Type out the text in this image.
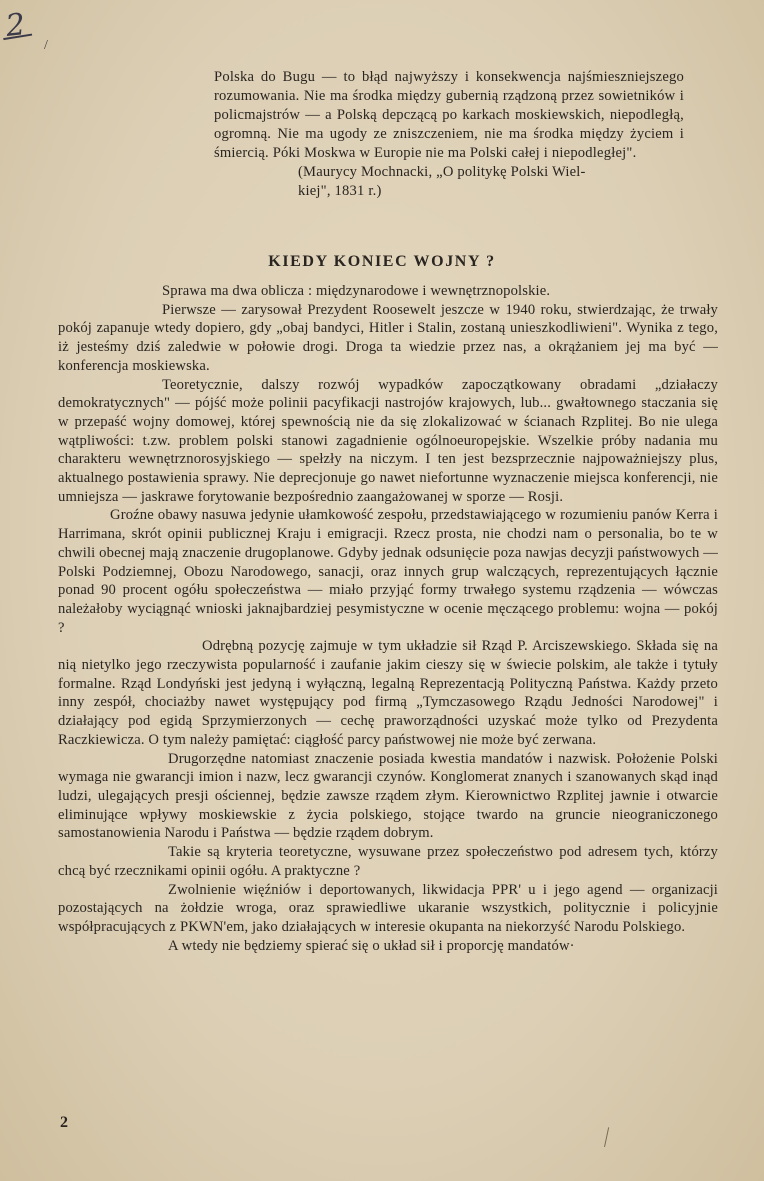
2
/
Polska do Bugu — to błąd najwyższy i konsekwencja najśmieszniejszego rozumowania. Nie ma środka między gubernią rządzoną przez sowietników i policmajstrów — a Polską depczącą po karkach moskiewskich, niepodległą, ogromną. Nie ma ugody ze zniszczeniem, nie ma środka między życiem i śmiercią. Póki Moskwa w Europie nie ma Polski całej i niepodległej".
(Maurycy Mochnacki, „O politykę Polski Wiel-
kiej", 1831 r.)
KIEDY KONIEC WOJNY ?

Sprawa ma dwa oblicza : międzynarodowe i wewnętrznopolskie.

Pierwsze — zarysował Prezydent Roosewelt jeszcze w 1940 roku, stwierdzając, że trwały pokój zapanuje wtedy dopiero, gdy „obaj bandyci, Hitler i Stalin, zostaną unieszkodliwieni". Wynika z tego, iż jesteśmy dziś zaledwie w połowie drogi. Droga ta wiedzie przez nas, a okrążaniem jej ma być — konferencja moskiewska.

Teoretycznie, dalszy rozwój wypadków zapoczątkowany obradami „działaczy demokratycznych" — pójść może polinii pacyfikacji nastrojów krajowych, lub... gwałtownego staczania się w przepaść wojny domowej, której spewnością nie da się zlokalizować w ścianach Rzplitej. Bo nie ulega wątpliwości: t.zw. problem polski stanowi zagadnienie ogólnoeuropejskie. Wszelkie próby nadania mu charakteru wewnętrznorosyjskiego — spełzły na niczym. I ten jest bezsprzecznie najpoważniejszy plus, aktualnego postawienia sprawy. Nie deprecjonuje go nawet niefortunne wyznaczenie miejsca konferencji, nie umniejsza — jaskrawe forytowanie bezpośrednio zaangażowanej w sporze — Rosji.

Groźne obawy nasuwa jedynie ułamkowość zespołu, przedstawiającego w rozumieniu panów Kerra i Harrimana, skrót opinii publicznej Kraju i emigracji. Rzecz prosta, nie chodzi nam o personalia, bo te w chwili obecnej mają znaczenie drugoplanowe. Gdyby jednak odsunięcie poza nawjas decyzji państwowych — Polski Podziemnej, Obozu Narodowego, sanacji, oraz innych grup walczących, reprezentujących łącznie ponad 90 procent ogółu społeczeństwa — miało przyjąć formy trwałego systemu rządzenia — wówczas należałoby wyciągnąć wnioski jaknajbardziej pesymistyczne w ocenie męczącego problemu: wojna — pokój ?

Odrębną pozycję zajmuje w tym układzie sił Rząd P. Arciszewskiego. Składa się na nią nietylko jego rzeczywista popularność i zaufanie jakim cieszy się w świecie polskim, ale także i tytuły formalne. Rząd Londyński jest jedyną i wyłączną, legalną Reprezentacją Polityczną Państwa. Każdy przeto inny zespół, chociażby nawet występujący pod firmą „Tymczasowego Rządu Jedności Narodowej" i działający pod egidą Sprzymierzonych — cechę praworządności uzyskać może tylko od Prezydenta Raczkiewicza. O tym należy pamiętać: ciągłość parcy państwowej nie może być zerwana.

Drugorzędne natomiast znaczenie posiada kwestia mandatów i nazwisk. Położenie Polski wymaga nie gwarancji imion i nazw, lecz gwarancji czynów. Konglomerat znanych i szanowanych skąd inąd ludzi, ulegających presji ościennej, będzie zawsze rządem złym. Kierownictwo Rzplitej jawnie i otwarcie eliminujące wpływy moskiewskie z życia polskiego, stojące twardo na gruncie nieograniczonego samostanowienia Narodu i Państwa — będzie rządem dobrym.

Takie są kryteria teoretyczne, wysuwane przez społeczeństwo pod adresem tych, którzy chcą być rzecznikami opinii ogółu. A praktyczne ?

Zwolnienie więźniów i deportowanych, likwidacja PPR' u i jego agend — organizacji pozostających na żołdzie wroga, oraz sprawiedliwe ukaranie wszystkich, politycznie i policyjnie współpracujących z PKWN'em, jako działających w interesie okupanta na niekorzyść Narodu Polskiego.

A wtedy nie będziemy spierać się o układ sił i proporcję mandatów·

2
